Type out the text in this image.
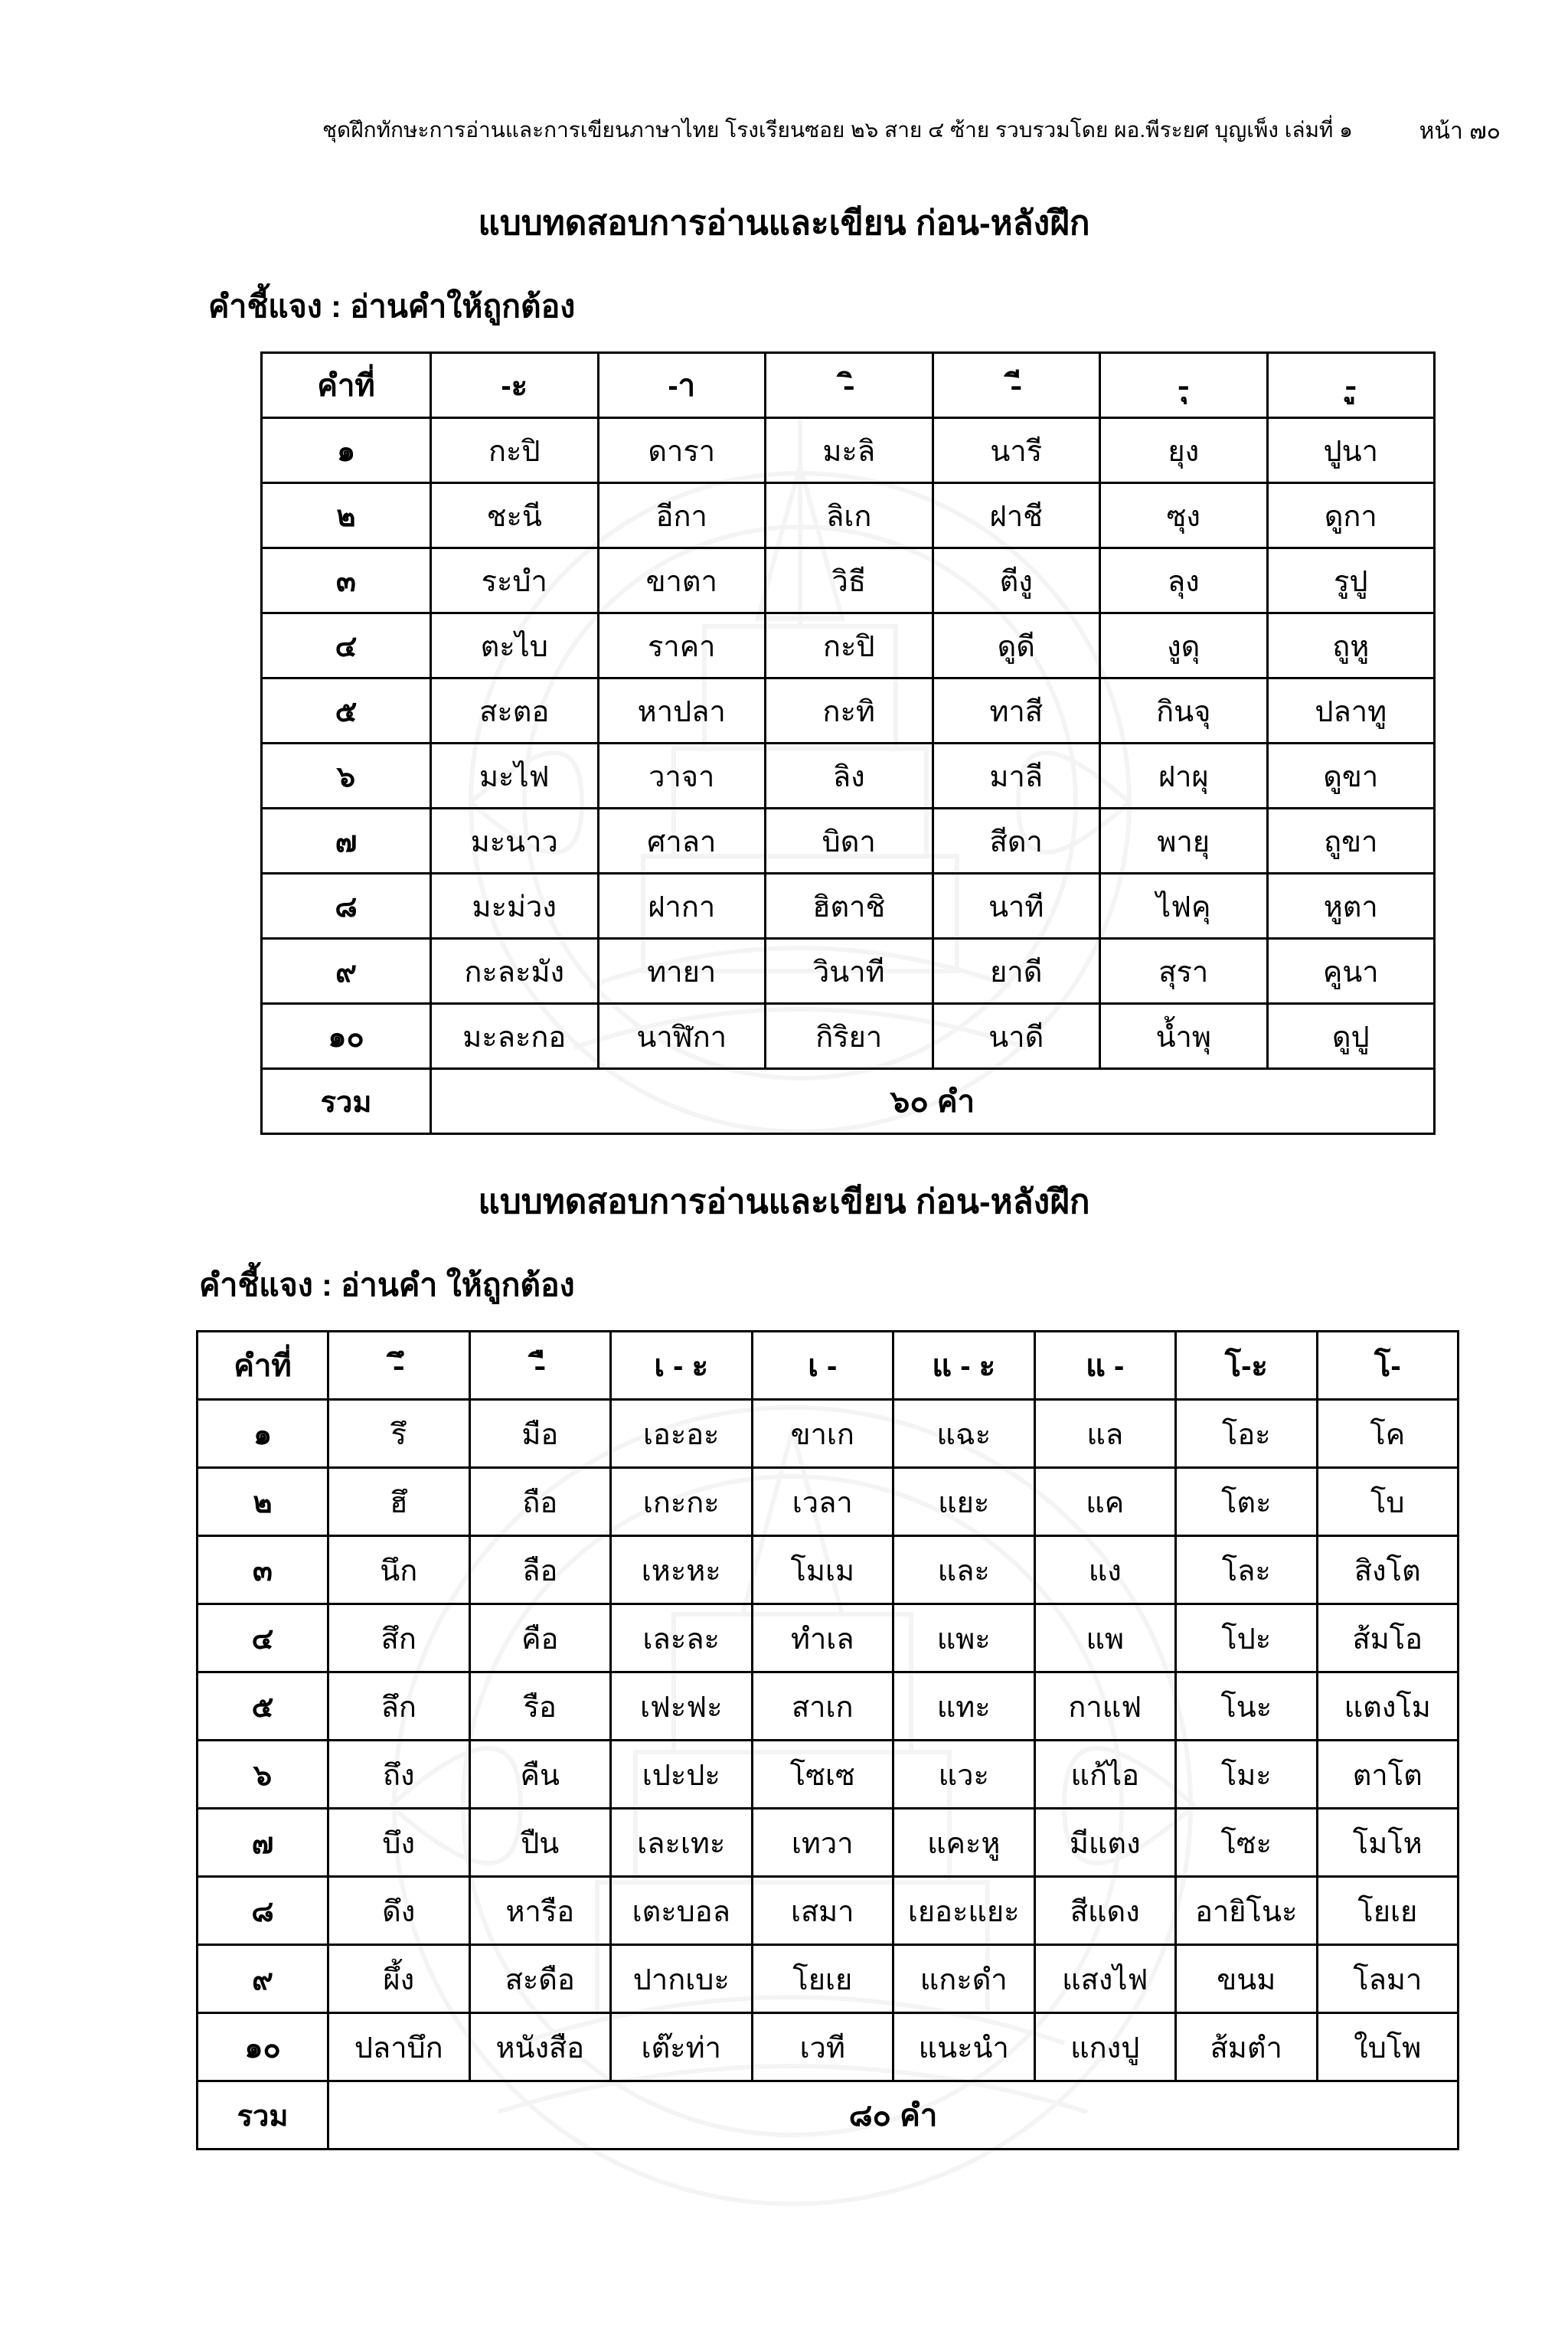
ชุดฝึกทักษะการอ่านและการเขียนภาษาไทย โรงเรียนซอย ๒๖ สาย ๔ ซ้าย รวบรวมโดย ผอ.พีระยศ บุญเพ็ง เล่มที่ ๑	หน้า ๗๐
แบบทดสอบการอ่านและเขียน ก่อน-หลังฝึก
คำชี้แจง : อ่านคำให้ถูกต้อง
คำที่	-ะ	-า	-ิ	-ี	-ุ	-ู
๑	กะปิ	ดารา	มะลิ	นารี	ยุง	ปูนา
๒	ชะนี	อีกา	ลิเก	ฝาชี	ซุง	ดูกา
๓	ระบำ	ขาตา	วิธี	ตีงู	ลุง	รูปู
๔	ตะไบ	ราคา	กะปิ	ดูดี	งูดุ	ถูหู
๕	สะตอ	หาปลา	กะทิ	ทาสี	กินจุ	ปลาทู
๖	มะไฟ	วาจา	ลิง	มาลี	ฝาผุ	ดูขา
๗	มะนาว	ศาลา	บิดา	สีดา	พายุ	ถูขา
๘	มะม่วง	ฝากา	ฮิตาชิ	นาที	ไฟคุ	หูตา
๙	กะละมัง	ทายา	วินาที	ยาดี	สุรา	คูนา
๑๐	มะละกอ	นาฬิกา	กิริยา	นาดี	น้ำพุ	ดูปู
รวม	๖๐ คำ					
แบบทดสอบการอ่านและเขียน ก่อน-หลังฝึก
คำชี้แจง : อ่านคำ ให้ถูกต้อง
คำที่	-ึ	-ื	เ - ะ	เ -	แ - ะ	แ -	โ-ะ	โ-
๑	รึ	มือ	เอะอะ	ขาเก	แฉะ	แล	โอะ	โค
๒	ฮึ	ถือ	เกะกะ	เวลา	แยะ	แค	โตะ	โบ
๓	นึก	ลือ	เหะหะ	โมเม	และ	แง	โละ	สิงโต
๔	สึก	คือ	เละละ	ทำเล	แพะ	แพ	โปะ	ส้มโอ
๕	ลึก	รือ	เฟะฟะ	สาเก	แทะ	กาแฟ	โนะ	แตงโม
๖	ถึง	คืน	เปะปะ	โซเซ	แวะ	แก้ไอ	โมะ	ตาโต
๗	บึง	ปืน	เละเทะ	เทวา	แคะหู	มีแตง	โซะ	โมโห
๘	ดึง	หารือ	เตะบอล	เสมา	เยอะแยะ	สีแดง	อายิโนะ	โยเย
๙	ผึ้ง	สะดือ	ปากเบะ	โยเย	แกะดำ	แสงไฟ	ขนม	โลมา
๑๐	ปลาบึก	หนังสือ	เต๊ะท่า	เวที	แนะนำ	แกงปู	ส้มตำ	ใบโพ
รวม	๘๐ คำ							
